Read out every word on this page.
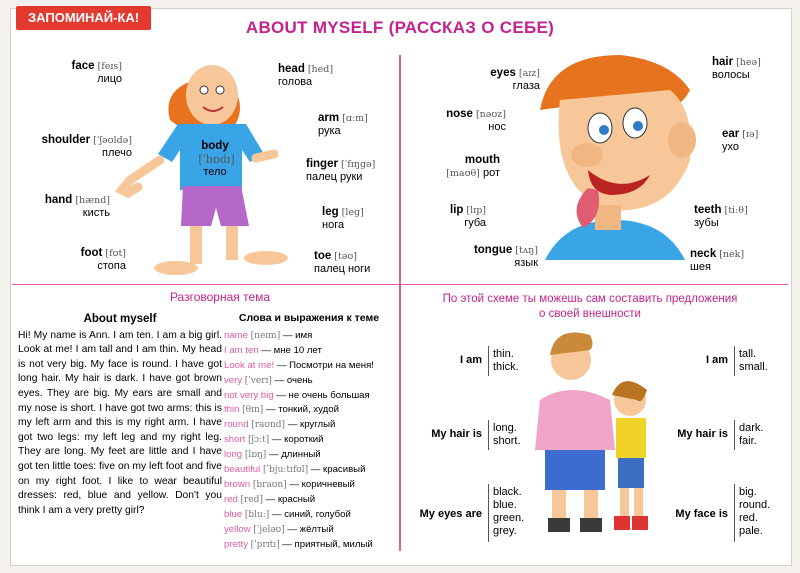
ЗАПОМИНАЙ-КА!
ABOUT MYSELF (РАССКАЗ О СЕБЕ)
face [feɪs]
лицо
head [hed]
голова
arm [ɑːm]
рука
shoulder [ˈʃəʊldə]
плечо
body
[ˈbɒdɪ]
тело
finger [ˈfɪŋgə]
палец руки
hand [hænd]
кисть	leg [leg]
нога
foot [fʊt]
стопа
toe [təʊ]
палец ноги
eyes [aɪz]
глаза
hair [heə]
волосы
nose [nəʊz]
нос
ear [ɪə]
ухо
mouth
[maʊθ] рот
lip [lɪp]
губа
teeth [tiːθ]
зубы
tongue [tʌŋ]
язык
neck [nek]
шея
Разговорная тема
About myself
Hi! My name is Ann. I am ten. I am a big girl. Look at me! I am tall and I am thin. My head is not very big. My face is round. I have got long hair. My hair is dark. I have got brown eyes. They are big. My ears are small and my nose is short. I have got two arms: this is my left arm and this is my right arm. I have got two legs: my left leg and my right leg. They are long. My feet are little and I have got ten little toes: five on my left foot and five on my right foot. I like to wear beautiful dresses: red, blue and yellow. Don't you think I am a very pretty girl?
Слова и выражения к теме
name [neɪm] — имя
I am ten — мне 10 лет
Look at me! — Посмотри на меня!
very [ˈverɪ] — очень
not very big — не очень большая
thin [θɪn] — тонкий, худой
round [raʊnd] — круглый
short [ʃɔːt] — короткий
long [lɒŋ] — длинный
beautiful [ˈbjuːtɪfʊl] — красивый
brown [braʊn] — коричневый
red [red] — красный
blue [bluː] — синий, голубой
yellow [ˈjeləʊ] — жёлтый
pretty [ˈprɪtɪ] — приятный, милый
По этой схеме ты можешь сам составить предложения о своей внешности
I am thin.
thick.
I am tall.
small.
My hair is long.
short.
My hair is dark.
fair.
My eyes are
black.
blue.
green.
grey.
My face is
big.
round.
red.
pale.
